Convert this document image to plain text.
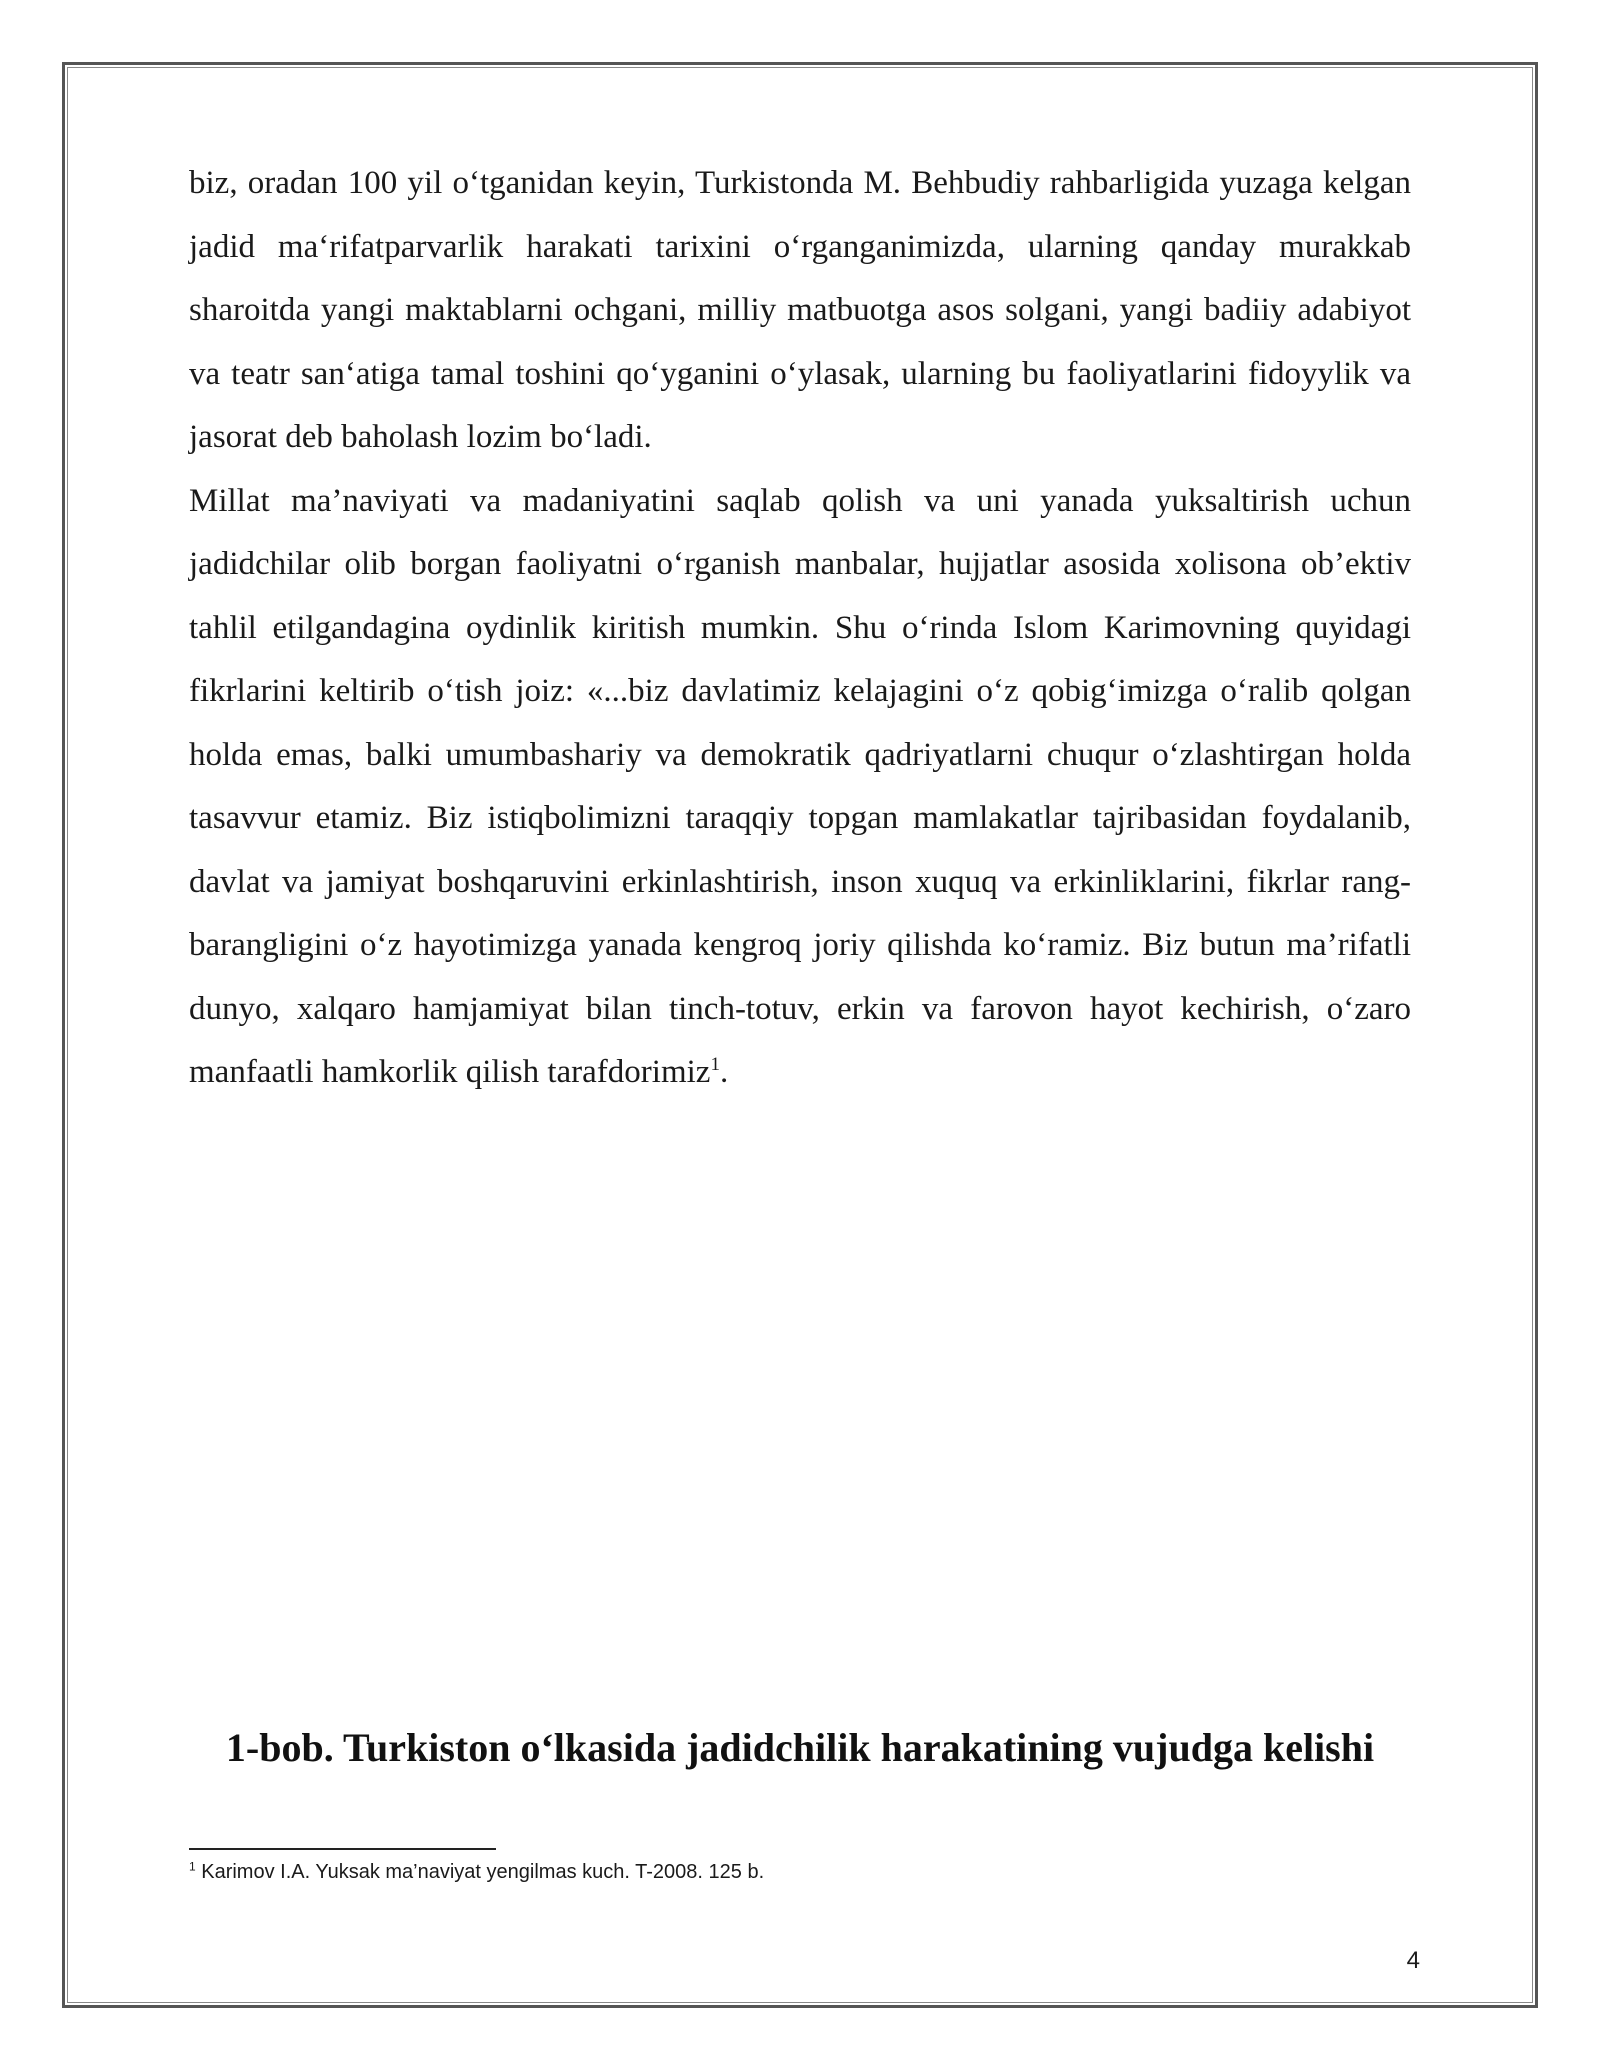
biz, oradan 100 yil o‘tganidan keyin, Turkistonda M. Behbudiy rahbarligida yuzaga kelgan jadid ma‘rifatparvarlik harakati tarixini o‘rganganimizda, ularning qanday murakkab sharoitda yangi maktablarni ochgani, milliy matbuotga asos solgani, yangi badiiy adabiyot va teatr san‘atiga tamal toshini qo‘yganini o‘ylasak, ularning bu faoliyatlarini fidoyylik va jasorat deb baholash lozim bo‘ladi.

Millat ma’naviyati va madaniyatini saqlab qolish va uni yanada yuksaltirish uchun jadidchilar olib borgan faoliyatni o‘rganish manbalar, hujjatlar asosida xolisona ob’ektiv tahlil etilgandagina oydinlik kiritish mumkin. Shu o‘rinda Islom Karimovning quyidagi fikrlarini keltirib o‘tish joiz: «...biz davlatimiz kelajagini o‘z qobig‘imizga o‘ralib qolgan holda emas, balki umumbashariy va demokratik qadriyatlarni chuqur o‘zlashtirgan holda tasavvur etamiz. Biz istiqbolimizni taraqqiy topgan mamlakatlar tajribasidan foydalanib, davlat va jamiyat boshqaruvini erkinlashtirish, inson xuquq va erkinliklarini, fikrlar rang-barangligini o‘z hayotimizga yanada kengroq joriy qilishda ko‘ramiz. Biz butun ma’rifatli dunyo, xalqaro hamjamiyat bilan tinch-totuv, erkin va farovon hayot kechirish, o‘zaro manfaatli hamkorlik qilish tarafdorimiz$^1$.

1-bob. Turkiston o‘lkasida jadidchilik harakatining vujudga kelishi
$^1$ Karimov I.A. Yuksak ma’naviyat yengilmas kuch. T-2008. 125 b.
4
